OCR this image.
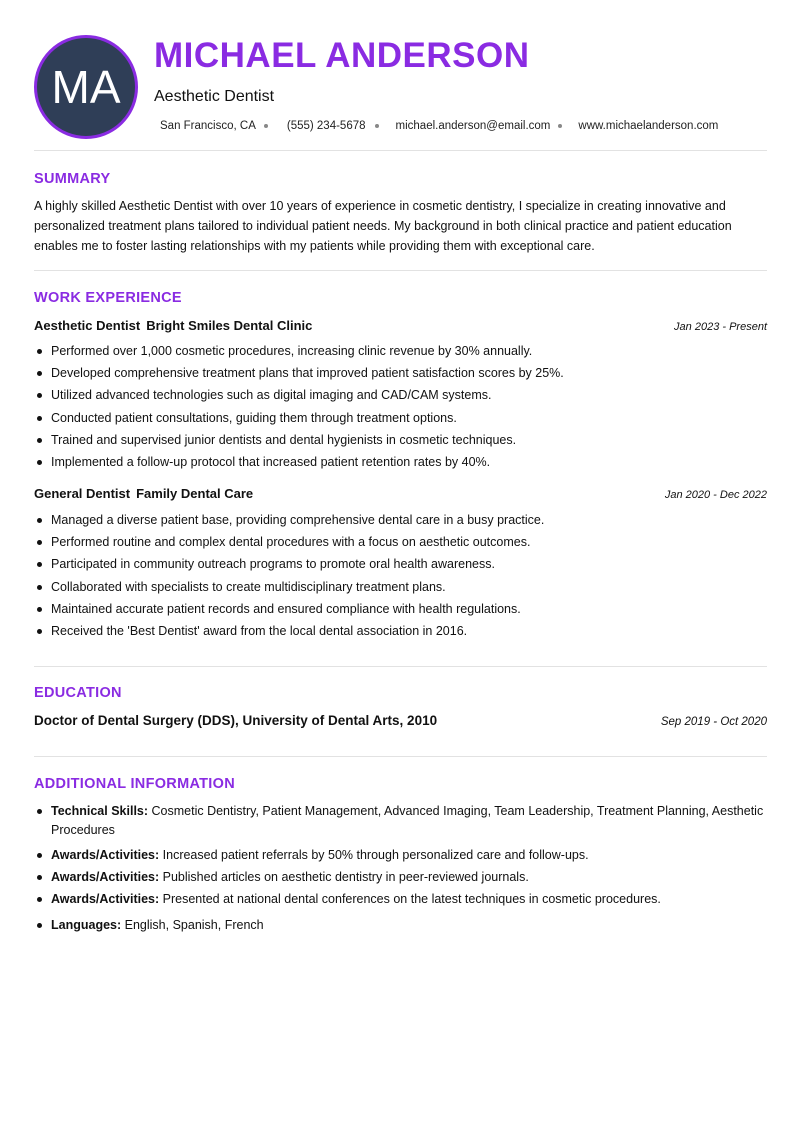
MA
MICHAEL ANDERSON
Aesthetic Dentist
San Francisco, CA	(555) 234-5678	michael.anderson@email.com www.michaelanderson.com
SUMMARY
A highly skilled Aesthetic Dentist with over 10 years of experience in cosmetic dentistry, I specialize in creating innovative and personalized treatment plans tailored to individual patient needs. My background in both clinical practice and patient education enables me to foster lasting relationships with my patients while providing them with exceptional care.
WORK EXPERIENCE
Aesthetic Dentist Bright Smiles Dental Clinic	Jan 2023 - Present
Performed over 1,000 cosmetic procedures, increasing clinic revenue by 30% annually.
Developed comprehensive treatment plans that improved patient satisfaction scores by 25%.
Utilized advanced technologies such as digital imaging and CAD/CAM systems.
Conducted patient consultations, guiding them through treatment options.
Trained and supervised junior dentists and dental hygienists in cosmetic techniques.
Implemented a follow-up protocol that increased patient retention rates by 40%.
General Dentist Family Dental Care	Jan 2020 - Dec 2022
Managed a diverse patient base, providing comprehensive dental care in a busy practice.
Performed routine and complex dental procedures with a focus on aesthetic outcomes.
Participated in community outreach programs to promote oral health awareness.
Collaborated with specialists to create multidisciplinary treatment plans.
Maintained accurate patient records and ensured compliance with health regulations.
Received the 'Best Dentist' award from the local dental association in 2016.
EDUCATION
Doctor of Dental Surgery (DDS), University of Dental Arts, 2010	Sep 2019 - Oct 2020
ADDITIONAL INFORMATION
Technical Skills: Cosmetic Dentistry, Patient Management, Advanced Imaging, Team Leadership, Treatment Planning, Aesthetic Procedures
Awards/Activities: Increased patient referrals by 50% through personalized care and follow-ups.
Awards/Activities: Published articles on aesthetic dentistry in peer-reviewed journals.
Awards/Activities: Presented at national dental conferences on the latest techniques in cosmetic procedures.
Languages: English, Spanish, French
